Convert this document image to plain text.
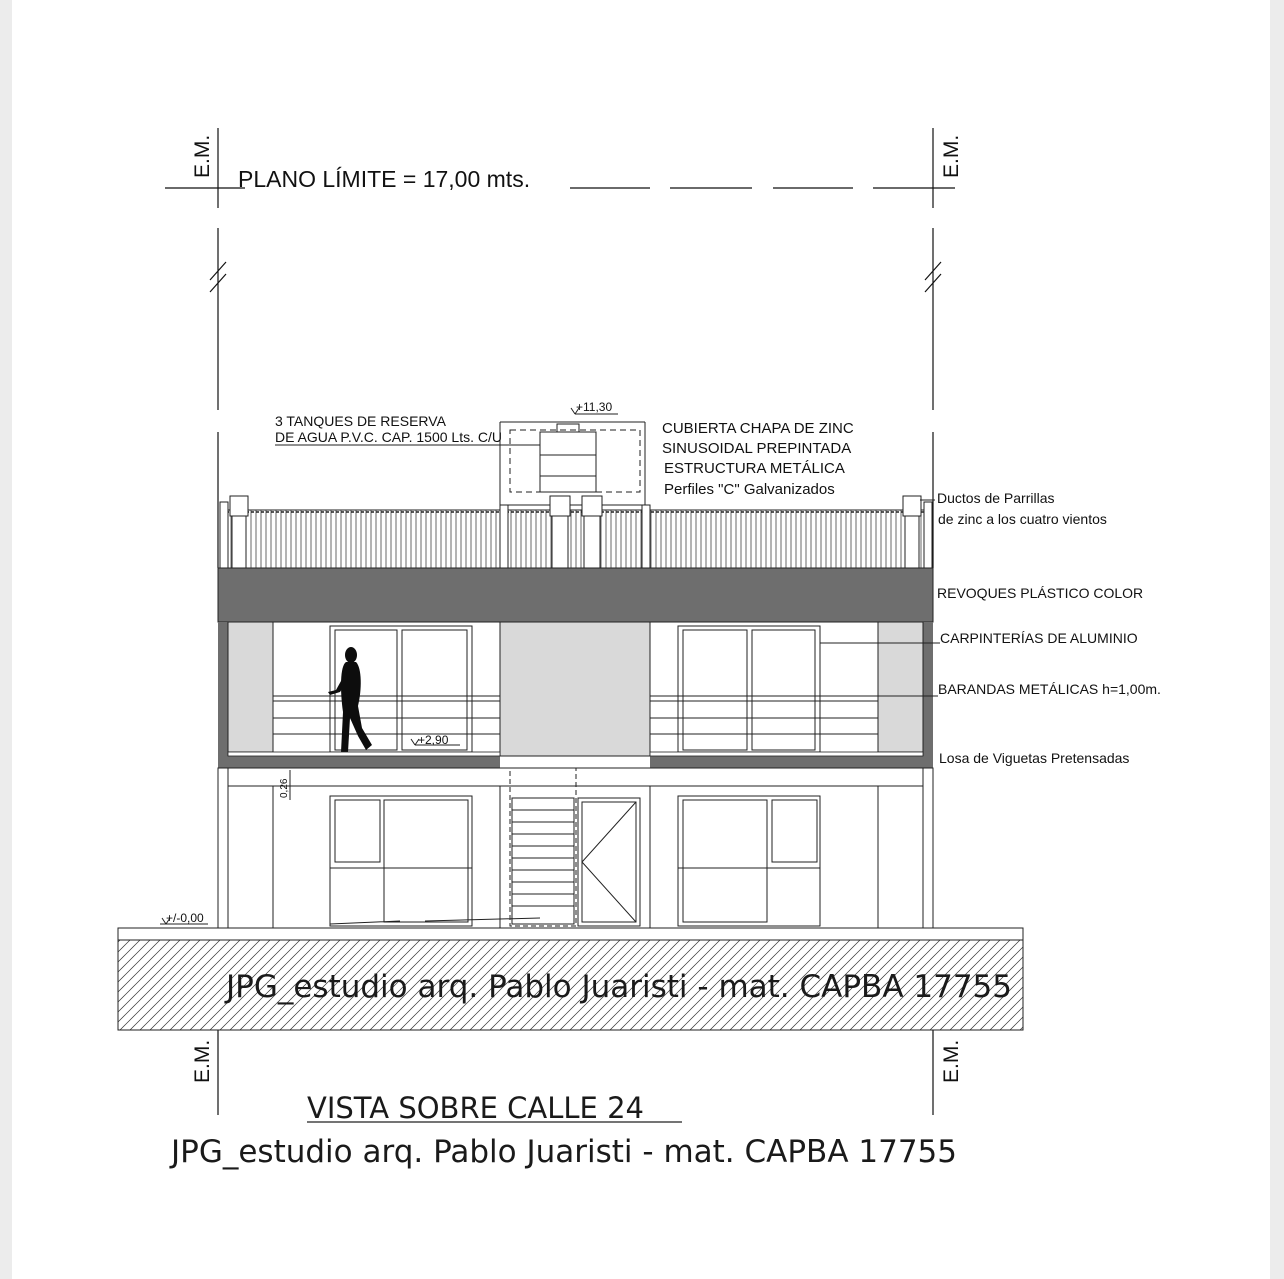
E.M.	E.M.
E.M.	E.M.
PLANO LÍMITE = 17,00 mts.
+11,30
+2,90
0,26
+/-0,00
JPG_estudio arq. Pablo Juaristi - mat. CAPBA 17755
3 TANQUES DE RESERVA
DE AGUA P.V.C. CAP. 1500 Lts. C/U	CUBIERTA CHAPA DE ZINC
SINUSOIDAL PREPINTADA
ESTRUCTURA METÁLICA
Perfiles "C" Galvanizados	Ductos de Parrillas
de zinc a los cuatro vientos
REVOQUES PLÁSTICO COLOR
CARPINTERÍAS DE ALUMINIO
BARANDAS METÁLICAS h=1,00m.
Losa de Viguetas Pretensadas
VISTA SOBRE CALLE 24
JPG_estudio arq. Pablo Juaristi - mat. CAPBA 17755
